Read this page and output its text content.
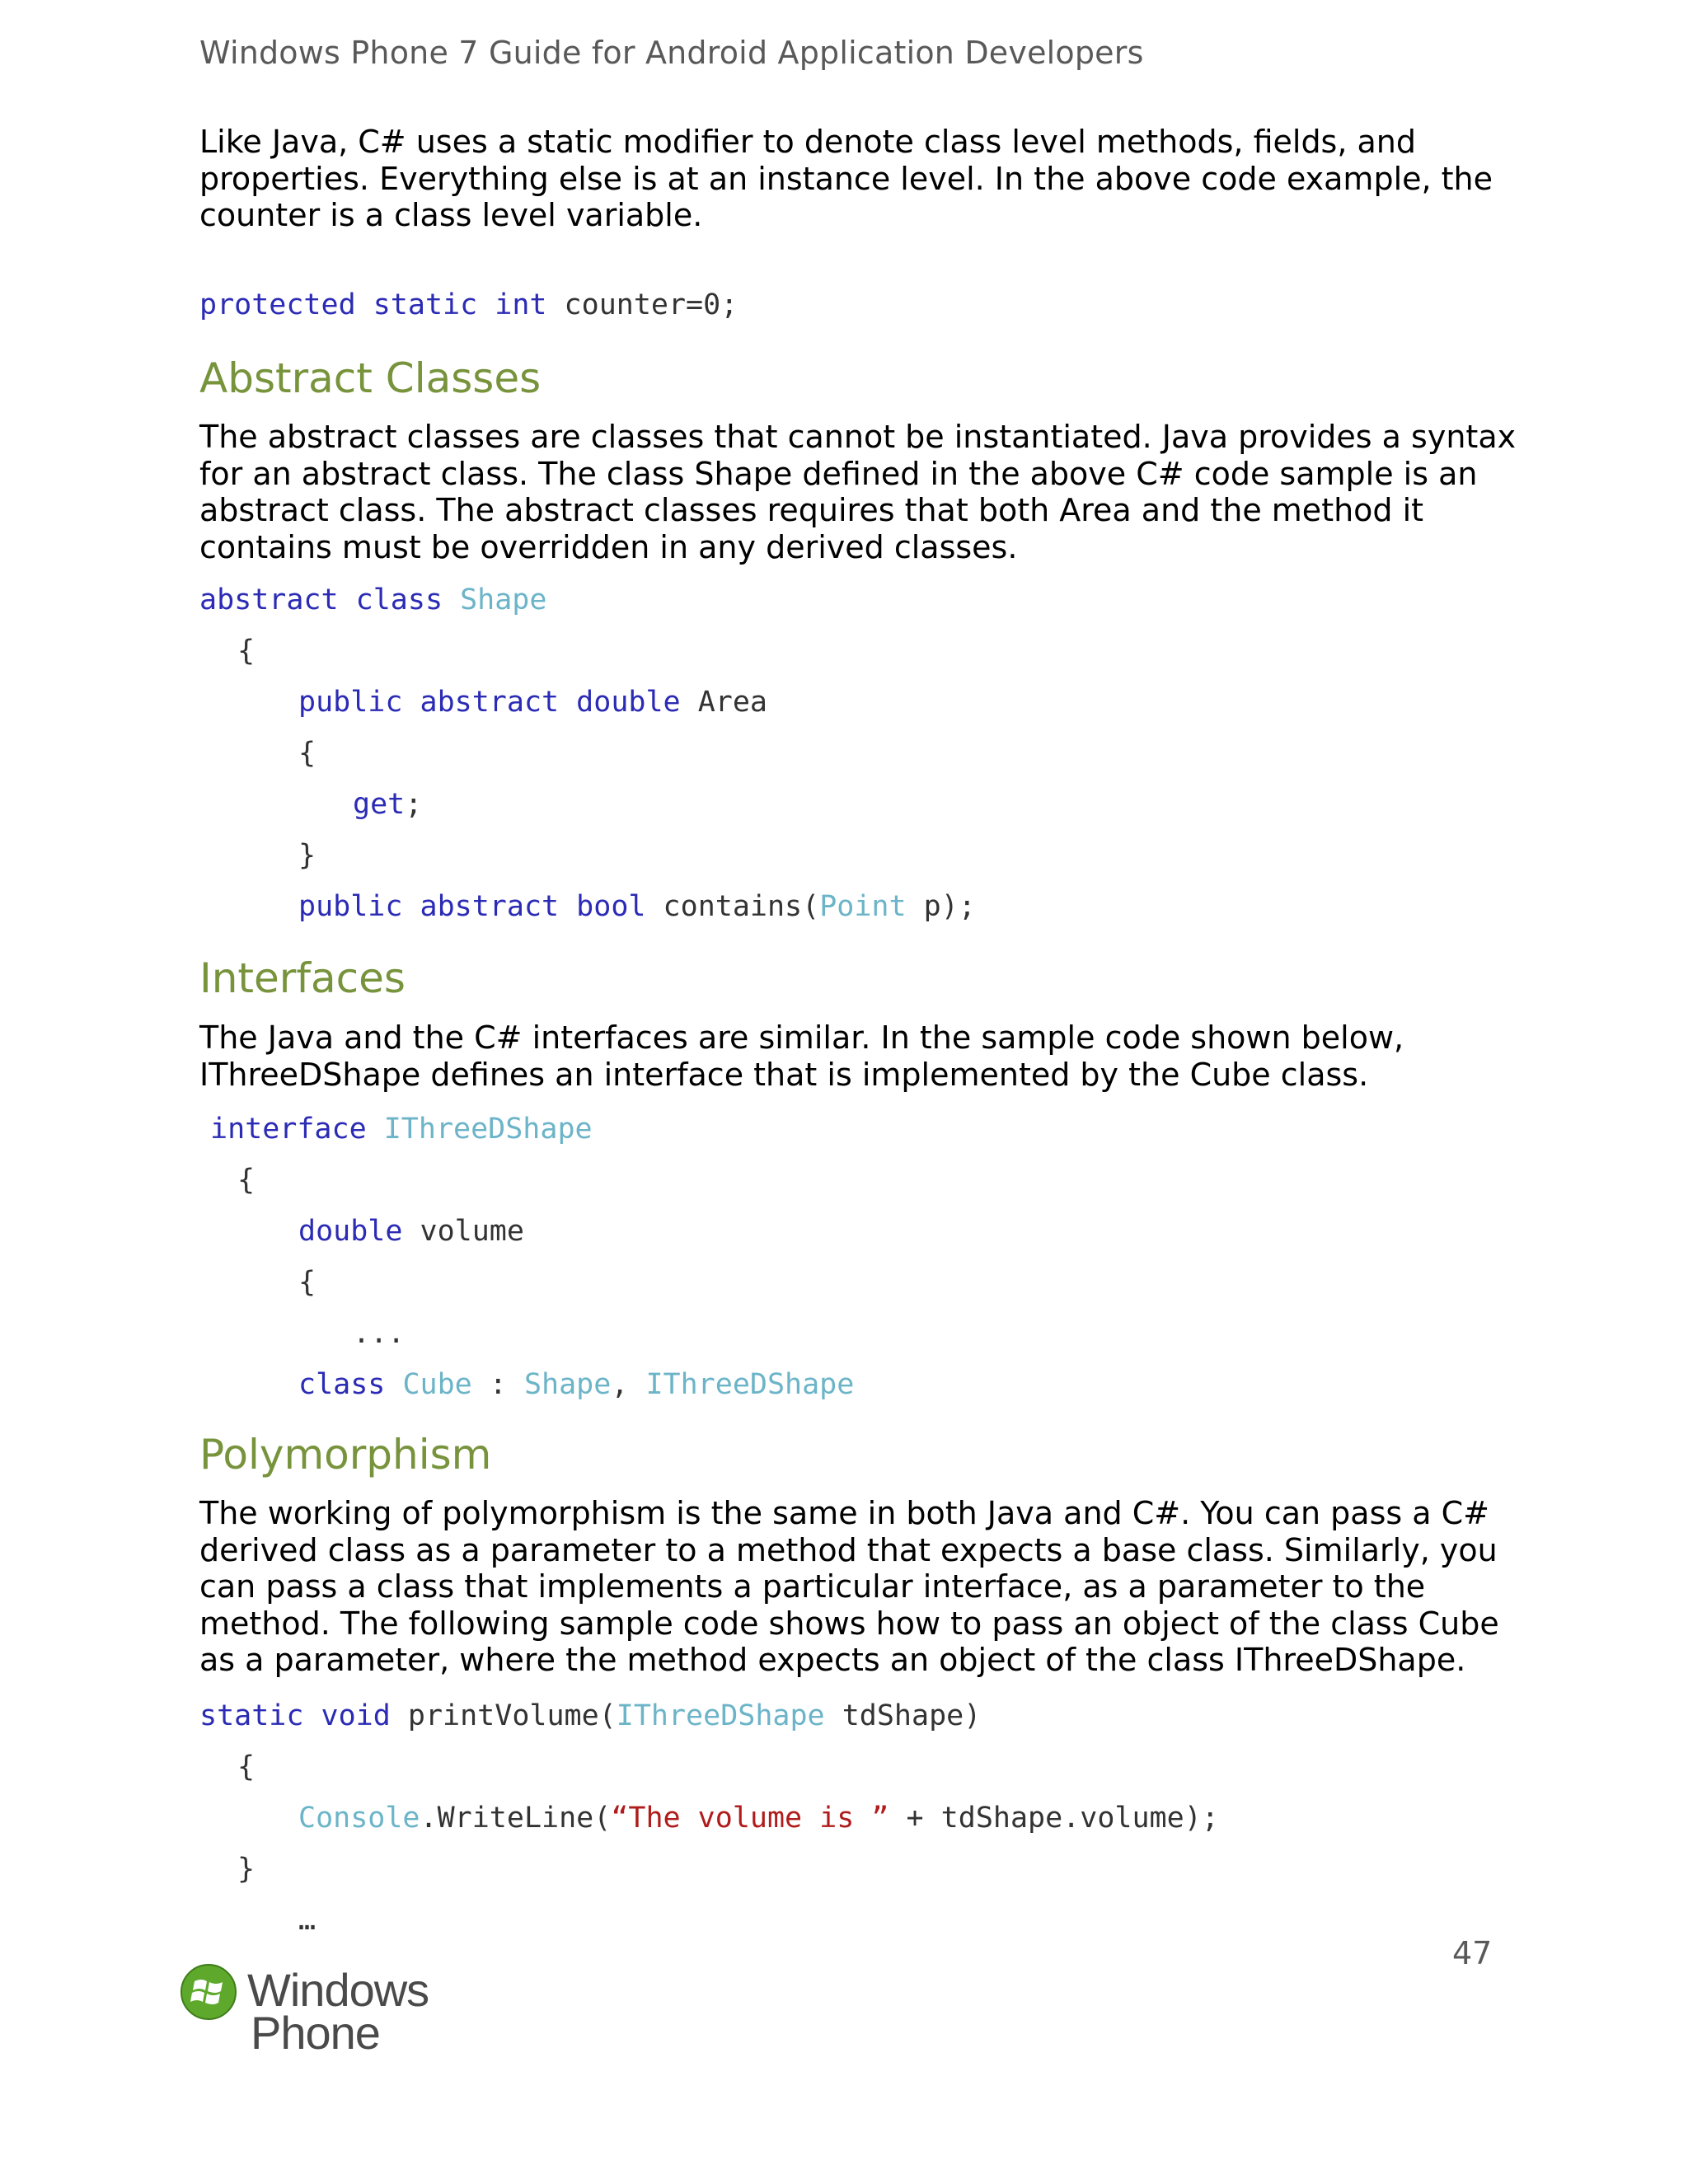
Windows Phone 7 Guide for Android Application Developers
Like Java, C# uses a static modifier to denote class level methods, fields, and properties. Everything else is at an instance level. In the above code example, the counter is a class level variable.
protected static int counter=0;
Abstract Classes
The abstract classes are classes that cannot be instantiated. Java provides a syntax for an abstract class. The class Shape defined in the above C# code sample is an abstract class. The abstract classes requires that both Area and the method it contains must be overridden in any derived classes.
abstract class Shape
{
public abstract double Area
{
get;
}
public abstract bool contains(Point p);
Interfaces
The Java and the C# interfaces are similar. In the sample code shown below, IThreeDShape defines an interface that is implemented by the Cube class.
interface IThreeDShape
{
double volume
{
...
class Cube : Shape, IThreeDShape
Polymorphism
The working of polymorphism is the same in both Java and C#. You can pass a C# derived class as a parameter to a method that expects a base class. Similarly, you can pass a class that implements a particular interface, as a parameter to the method. The following sample code shows how to pass an object of the class Cube as a parameter, where the method expects an object of the class IThreeDShape.
static void printVolume(IThreeDShape tdShape)
{
Console.WriteLine(“The volume is ” + tdShape.volume);
}
…
47
Windows
Phone
